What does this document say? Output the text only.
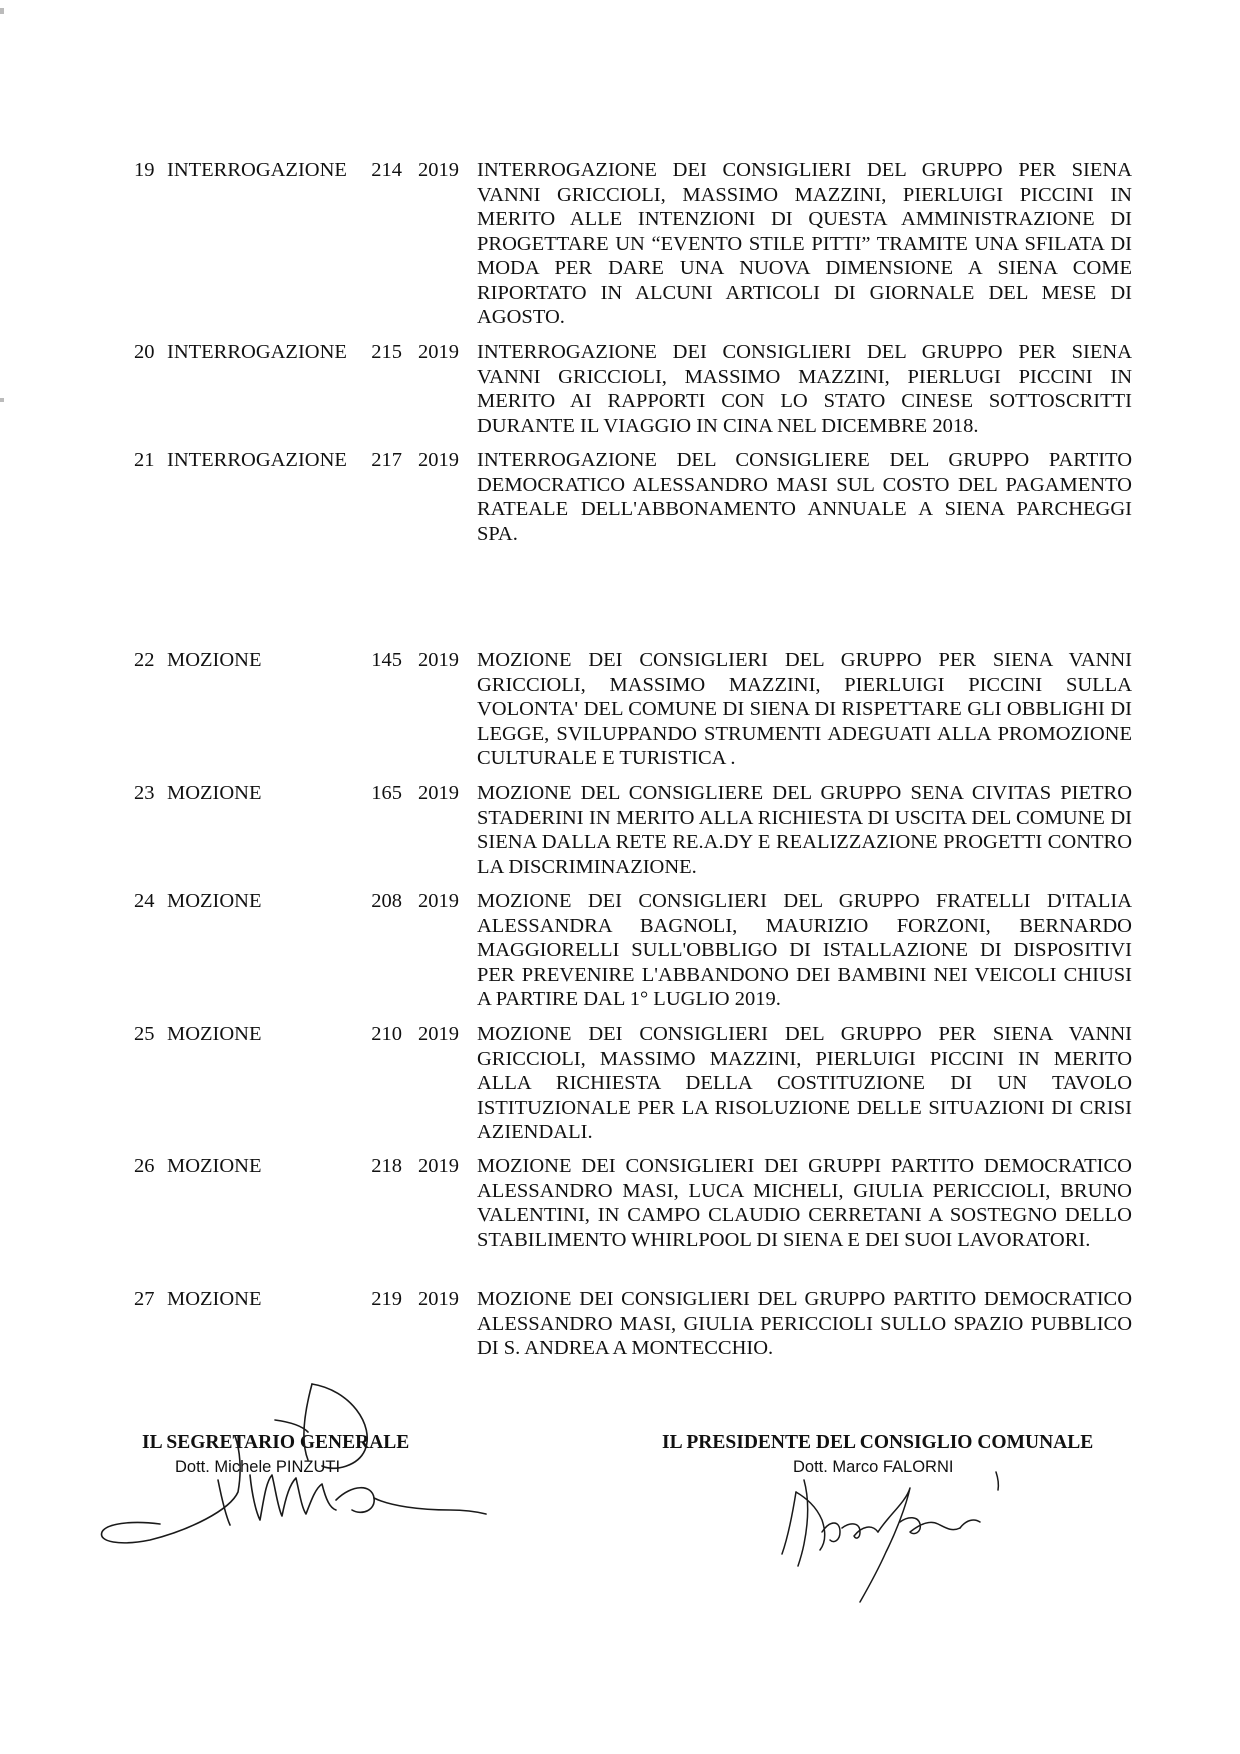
19 INTERROGAZIONE	214 2019 INTERROGAZIONE DEI CONSIGLIERI DEL GRUPPO PER SIENA VANNI GRICCIOLI, MASSIMO MAZZINI, PIERLUIGI PICCINI IN MERITO ALLE INTENZIONI DI QUESTA AMMINISTRAZIONE DI PROGETTARE UN “EVENTO STILE PITTI” TRAMITE UNA SFILATA DI MODA PER DARE UNA NUOVA DIMENSIONE A SIENA COME RIPORTATO IN ALCUNI ARTICOLI DI GIORNALE DEL MESE DI AGOSTO.
20 INTERROGAZIONE	215 2019 INTERROGAZIONE DEI CONSIGLIERI DEL GRUPPO PER SIENA VANNI GRICCIOLI, MASSIMO MAZZINI, PIERLUGI PICCINI IN MERITO AI RAPPORTI CON LO STATO CINESE SOTTOSCRITTI DURANTE IL VIAGGIO IN CINA NEL DICEMBRE 2018.
21 INTERROGAZIONE	217 2019 INTERROGAZIONE DEL CONSIGLIERE DEL GRUPPO PARTITO DEMOCRATICO ALESSANDRO MASI SUL COSTO DEL PAGAMENTO RATEALE DELL'ABBONAMENTO ANNUALE A SIENA PARCHEGGI SPA.
22 MOZIONE	145 2019 MOZIONE DEI CONSIGLIERI DEL GRUPPO PER SIENA VANNI GRICCIOLI, MASSIMO MAZZINI, PIERLUIGI PICCINI SULLA VOLONTA' DEL COMUNE DI SIENA DI RISPETTARE GLI OBBLIGHI DI LEGGE, SVILUPPANDO STRUMENTI ADEGUATI ALLA PROMOZIONE CULTURALE E TURISTICA .
23 MOZIONE	165 2019 MOZIONE DEL CONSIGLIERE DEL GRUPPO SENA CIVITAS PIETRO STADERINI IN MERITO ALLA RICHIESTA DI USCITA DEL COMUNE DI SIENA DALLA RETE RE.A.DY E REALIZZAZIONE PROGETTI CONTRO LA DISCRIMINAZIONE.
24 MOZIONE	208 2019 MOZIONE DEI CONSIGLIERI DEL GRUPPO FRATELLI D'ITALIA ALESSANDRA BAGNOLI, MAURIZIO FORZONI, BERNARDO MAGGIORELLI SULL'OBBLIGO DI ISTALLAZIONE DI DISPOSITIVI PER PREVENIRE L'ABBANDONO DEI BAMBINI NEI VEICOLI CHIUSI A PARTIRE DAL 1° LUGLIO 2019.
25 MOZIONE	210 2019 MOZIONE DEI CONSIGLIERI DEL GRUPPO PER SIENA VANNI GRICCIOLI, MASSIMO MAZZINI, PIERLUIGI PICCINI IN MERITO ALLA RICHIESTA DELLA COSTITUZIONE DI UN TAVOLO ISTITUZIONALE PER LA RISOLUZIONE DELLE SITUAZIONI DI CRISI AZIENDALI.
26 MOZIONE	218 2019 MOZIONE DEI CONSIGLIERI DEI GRUPPI PARTITO DEMOCRATICO ALESSANDRO MASI, LUCA MICHELI, GIULIA PERICCIOLI, BRUNO VALENTINI, IN CAMPO CLAUDIO CERRETANI A SOSTEGNO DELLO STABILIMENTO WHIRLPOOL DI SIENA E DEI SUOI LAVORATORI.
27 MOZIONE	219 2019 MOZIONE DEI CONSIGLIERI DEL GRUPPO PARTITO DEMOCRATICO ALESSANDRO MASI, GIULIA PERICCIOLI SULLO SPAZIO PUBBLICO DI S. ANDREA A MONTECCHIO.
IL SEGRETARIO GENERALE
Dott. Michele PINZUTI
IL PRESIDENTE DEL CONSIGLIO COMUNALE
Dott. Marco FALORNI
